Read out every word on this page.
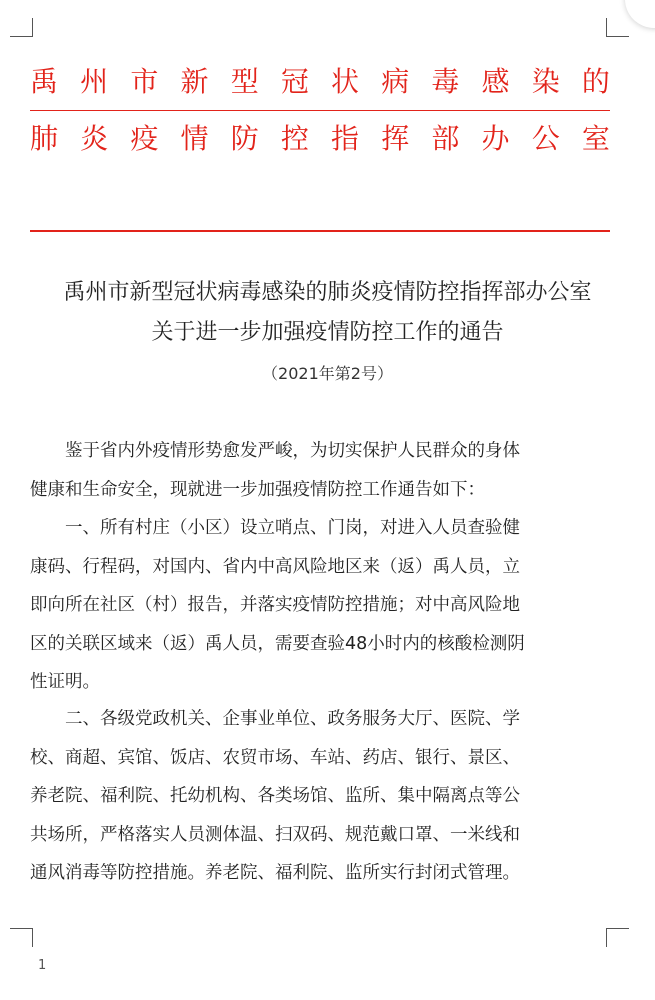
禹 州 市 新 型 冠 状 病 毒 感 染 的
肺 炎 疫 情 防 控 指 挥 部 办 公 室
禹州市新型冠状病毒感染的肺炎疫情防控指挥部办公室
关于进一步加强疫情防控工作的通告
（2021年第2号）
　　鉴于省内外疫情形势愈发严峻，为切实保护人民群众的身体
健康和生命安全，现就进一步加强疫情防控工作通告如下：
　　一、所有村庄（小区）设立哨点、门岗，对进入人员查验健
康码、行程码，对国内、省内中高风险地区来（返）禹人员，立
即向所在社区（村）报告，并落实疫情防控措施；对中高风险地
区的关联区域来（返）禹人员，需要查验48小时内的核酸检测阴
性证明。
　　二、各级党政机关、企事业单位、政务服务大厅、医院、学
校、商超、宾馆、饭店、农贸市场、车站、药店、银行、景区、
养老院、福利院、托幼机构、各类场馆、监所、集中隔离点等公
共场所，严格落实人员测体温、扫双码、规范戴口罩、一米线和
通风消毒等防控措施。养老院、福利院、监所实行封闭式管理。
1
